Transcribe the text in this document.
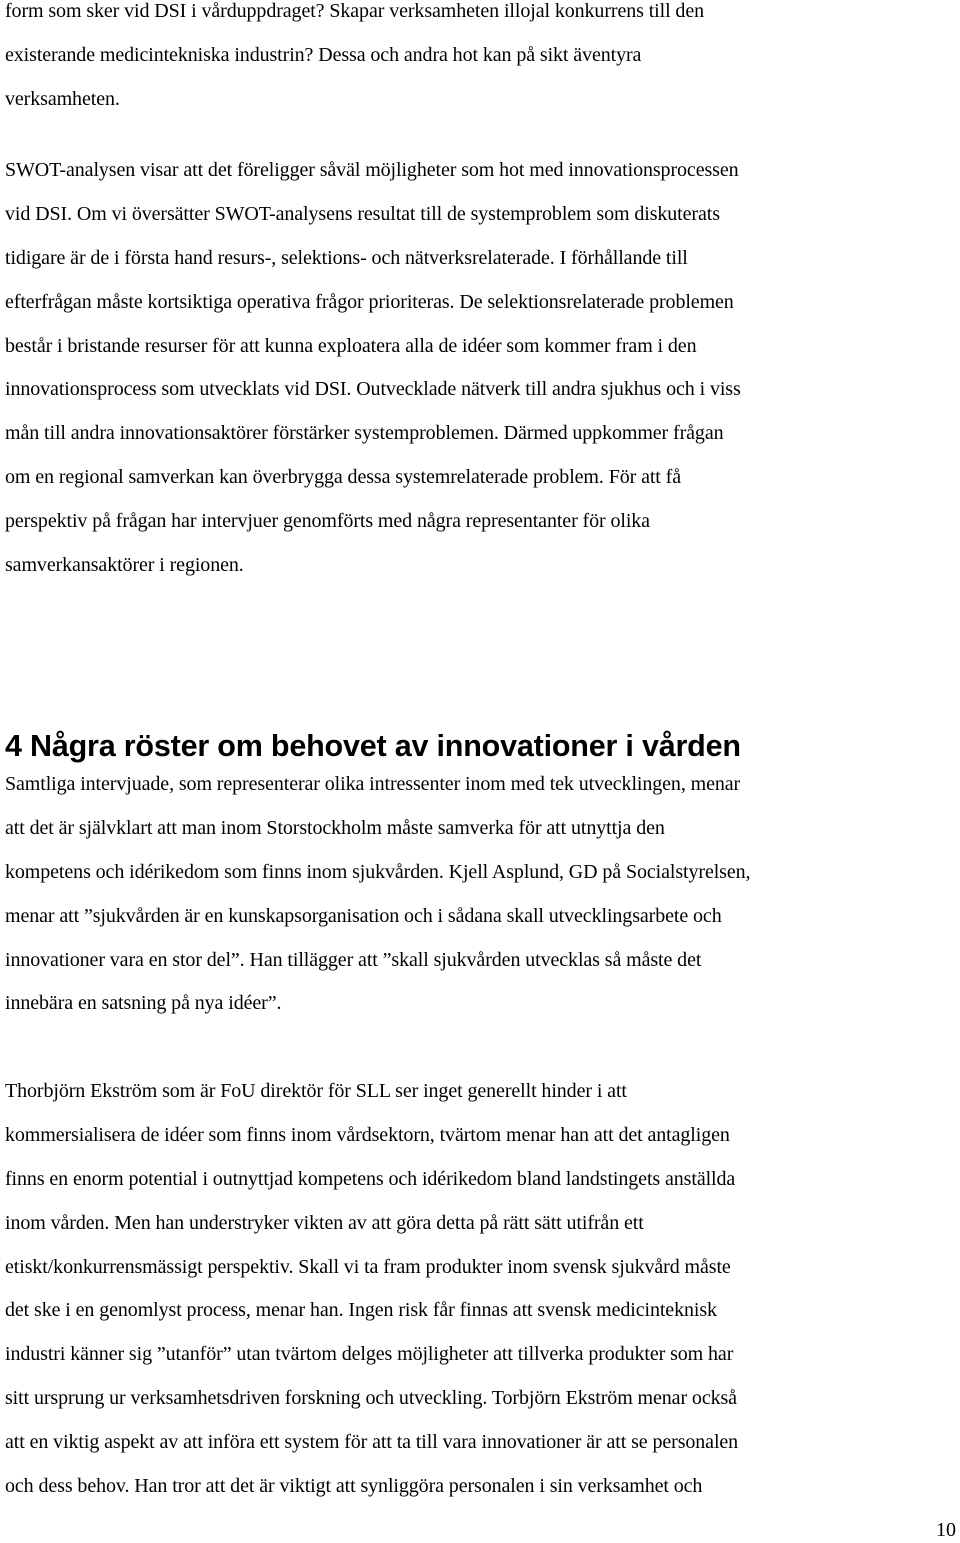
form som sker vid DSI i vårduppdraget? Skapar verksamheten illojal konkurrens till den
existerande medicintekniska industrin? Dessa och andra hot kan på sikt äventyra
verksamheten.

SWOT-analysen visar att det föreligger såväl möjligheter som hot med innovationsprocessen
vid DSI. Om vi översätter SWOT-analysens resultat till de systemproblem som diskuterats
tidigare är de i första hand resurs-, selektions- och nätverksrelaterade. I förhållande till
efterfrågan måste kortsiktiga operativa frågor prioriteras. De selektionsrelaterade problemen
består i bristande resurser för att kunna exploatera alla de idéer som kommer fram i den
innovationsprocess som utvecklats vid DSI. Outvecklade nätverk till andra sjukhus och i viss
mån till andra innovationsaktörer förstärker systemproblemen. Därmed uppkommer frågan
om en regional samverkan kan överbrygga dessa systemrelaterade problem. För att få
perspektiv på frågan har intervjuer genomförts med några representanter för olika
samverkansaktörer i regionen.

4 Några röster om behovet av innovationer i vården

Samtliga intervjuade, som representerar olika intressenter inom med tek utvecklingen, menar
att det är självklart att man inom Storstockholm måste samverka för att utnyttja den
kompetens och idérikedom som finns inom sjukvården. Kjell Asplund, GD på Socialstyrelsen,
menar att ”sjukvården är en kunskapsorganisation och i sådana skall utvecklingsarbete och
innovationer vara en stor del”. Han tillägger att ”skall sjukvården utvecklas så måste det
innebära en satsning på nya idéer”.

Thorbjörn Ekström som är FoU direktör för SLL ser inget generellt hinder i att
kommersialisera de idéer som finns inom vårdsektorn, tvärtom menar han att det antagligen
finns en enorm potential i outnyttjad kompetens och idérikedom bland landstingets anställda
inom vården. Men han understryker vikten av att göra detta på rätt sätt utifrån ett
etiskt/konkurrensmässigt perspektiv. Skall vi ta fram produkter inom svensk sjukvård måste
det ske i en genomlyst process, menar han. Ingen risk får finnas att svensk medicinteknisk
industri känner sig ”utanför” utan tvärtom delges möjligheter att tillverka produkter som har
sitt ursprung ur verksamhetsdriven forskning och utveckling. Torbjörn Ekström menar också
att en viktig aspekt av att införa ett system för att ta till vara innovationer är att se personalen
och dess behov. Han tror att det är viktigt att synliggöra personalen i sin verksamhet och

10
